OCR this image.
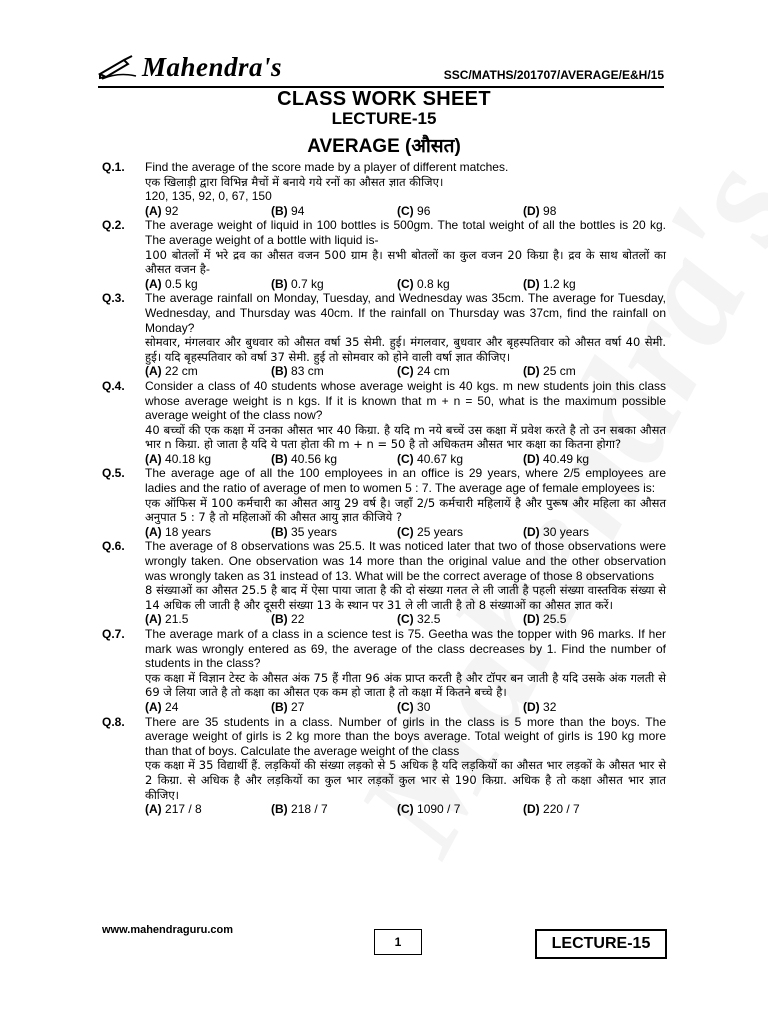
Mahendra's	SSC/MATHS/201707/AVERAGE/E&H/15
CLASS WORK SHEET
LECTURE-15
AVERAGE (औसत)
Q.1.	Find the average of the score made by a player of different matches.

एक खिलाड़ी द्वारा विभिन्न मैचों में बनाये गये रनों का औसत ज्ञात कीजिए।

120, 135, 92, 0, 67, 150

(A) 92	(B) 94	(C) 96	(D) 98
Q.2.	The average weight of liquid in 100 bottles is 500gm. The total weight of all the bottles is 20 kg. The average weight of a bottle with liquid is-

100 बोतलों में भरे द्रव का औसत वजन 500 ग्राम है। सभी बोतलों का कुल वजन 20 किग्रा है। द्रव के साथ बोतलों का औसत वजन है-

(A) 0.5 kg	(B) 0.7 kg	(C) 0.8 kg	(D) 1.2 kg
Q.3.	The average rainfall on Monday, Tuesday, and Wednesday was 35cm. The average for Tuesday, Wednesday, and Thursday was 40cm. If the rainfall on Thursday was 37cm, find the rainfall on Monday?

सोमवार, मंगलवार और बुधवार को औसत वर्षा 35 सेमी. हुई। मंगलवार, बुधवार और बृहस्पतिवार को औसत वर्षा 40 सेमी. हुई। यदि बृहस्पतिवार को वर्षा 37 सेमी. हुई तो सोमवार को होने वाली वर्षा ज्ञात कीजिए।

(A) 22 cm	(B) 83 cm	(C) 24 cm	(D) 25 cm
Q.4.	Consider a class of 40 students whose average weight is 40 kgs. m new students join this class whose average weight is n kgs. If it is known that m + n = 50, what is the maximum possible average weight of the class now?

40 बच्चों की एक कक्षा में उनका औसत भार 40 किग्रा. है यदि m नये बच्चें उस कक्षा में प्रवेश करते है तो उन सबका औसत भार n किग्रा. हो जाता है यदि ये पता होता की m + n = 50 है तो अधिकतम औसत भार कक्षा का कितना होगा?

(A) 40.18 kg	(B) 40.56 kg	(C) 40.67 kg	(D) 40.49 kg
Q.5.	The average age of all the 100 employees in an office is 29 years, where 2/5 employees are ladies and the ratio of average of men to women 5 : 7. The average age of female employees is:

एक ऑफिस में 100 कर्मचारी का औसत आयु 29 वर्ष है। जहाँ 2/5 कर्मचारी महिलायें है और पुरूष और महिला का औसत अनुपात 5 : 7 है तो महिलाओं की औसत आयु ज्ञात कीजिये ?

(A) 18 years	(B) 35 years	(C) 25 years	(D) 30 years
Q.6.	The average of 8 observations was 25.5. It was noticed later that two of those observations were wrongly taken. One observation was 14 more than the original value and the other observation was wrongly taken as 31 instead of 13. What will be the correct average of those 8 observations

8 संख्याओं का औसत 25.5 है बाद में ऐसा पाया जाता है की दो संख्या गलत ले ली जाती है पहली संख्या वास्तविक संख्या से 14 अधिक ली जाती है और दूसरी संख्या 13 के स्थान पर 31 ले ली जाती है तो 8 संख्याओं का औसत ज्ञात करें।

(A) 21.5	(B) 22	(C) 32.5	(D) 25.5
Q.7.	The average mark of a class in a science test is 75. Geetha was the topper with 96 marks. If her mark was wrongly entered as 69, the average of the class decreases by 1. Find the number of students in the class?

एक कक्षा में विज्ञान टेस्ट के औसत अंक 75 हैं गीता 96 अंक प्राप्त करती है और टॉपर बन जाती है यदि उसके अंक गलती से 69 जे लिया जाते है तो कक्षा का औसत एक कम हो जाता है तो कक्षा में कितने बच्चे है।

(A) 24	(B) 27	(C) 30	(D) 32
Q.8.	There are 35 students in a class. Number of girls in the class is 5 more than the boys. The average weight of girls is 2 kg more than the boys average. Total weight of girls is 190 kg more than that of boys. Calculate the average weight of the class

एक कक्षा में 35 विद्यार्थी हैं. लड़कियों की संख्या लड़को से 5 अधिक है यदि लड़कियों का औसत भार लड़कों के औसत भार से 2 किग्रा. से अधिक है और लड़कियों का कुल भार लड़कों कुल भार से 190 किग्रा. अधिक है तो कक्षा औसत भार ज्ञात कीजिए।

(A) 217 / 8	(B) 218 / 7	(C) 1090 / 7	(D) 220 / 7
www.mahendraguru.com
1	LECTURE-15
